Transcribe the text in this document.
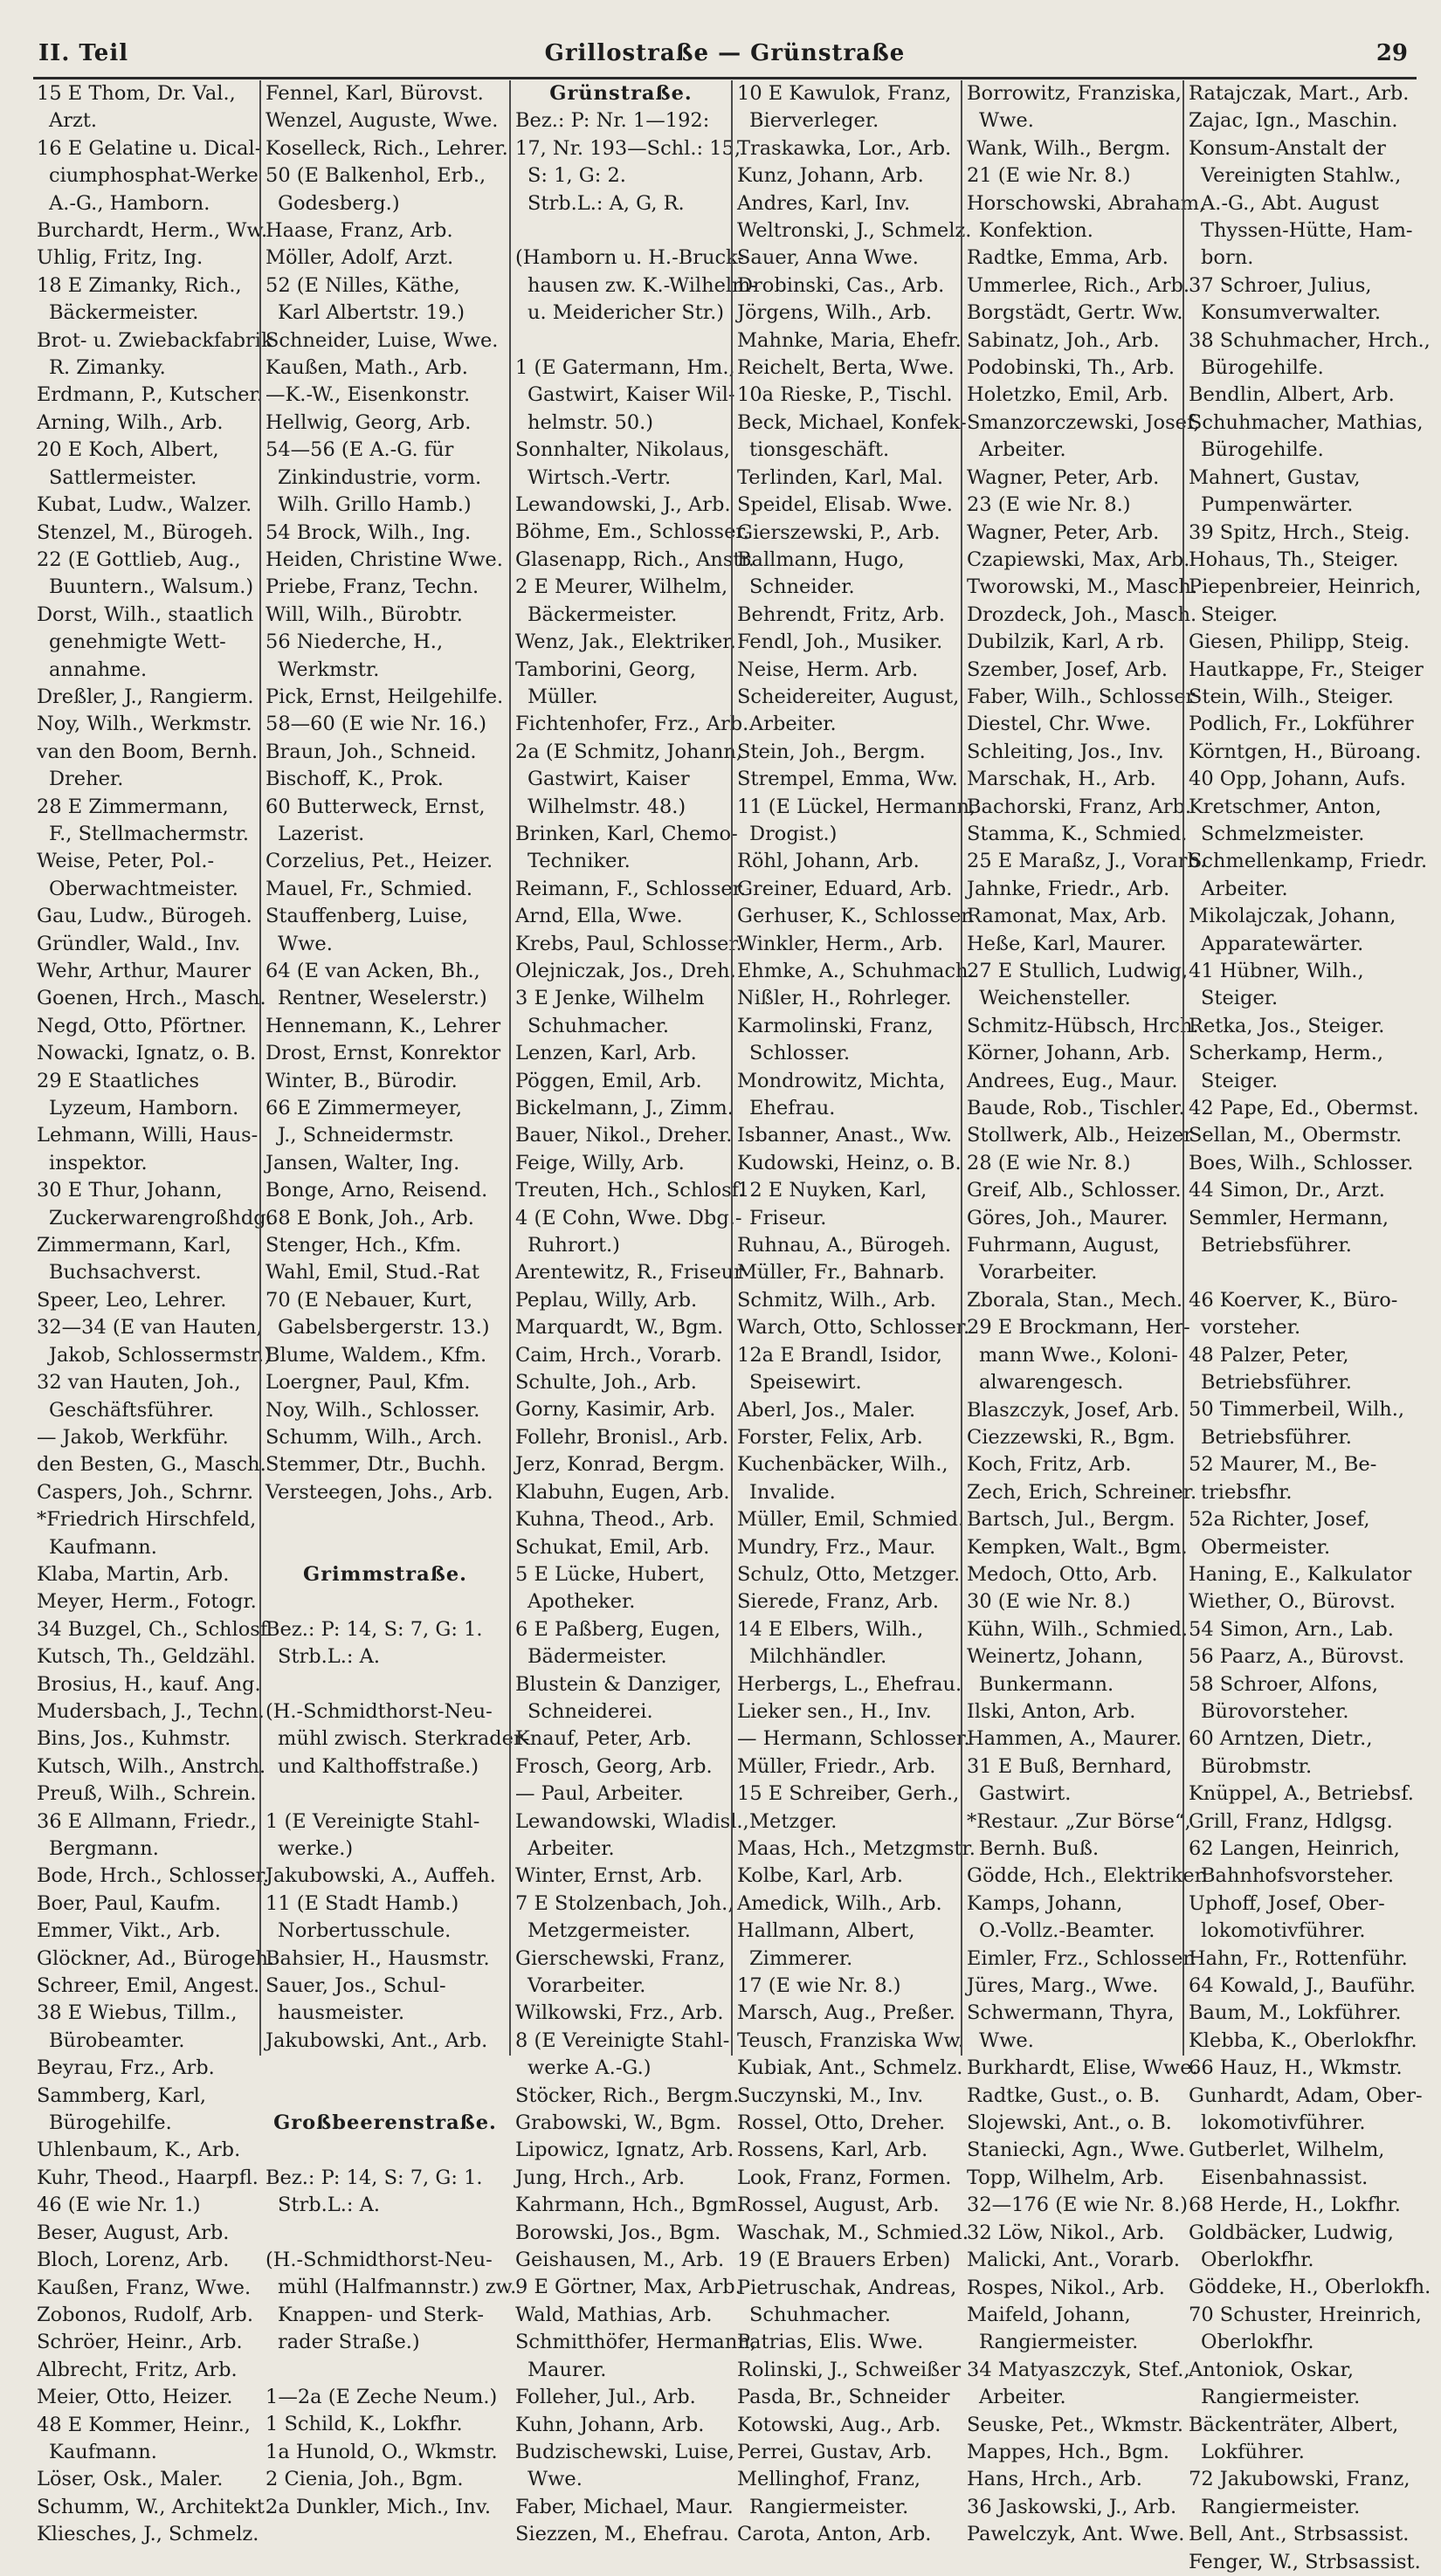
II. Teil	Grillostraße — Grünstraße	29
15 E Thom, Dr. Val.,
Arzt.
16 E Gelatine u. Dical-
ciumphosphat-Werke
A.-G., Hamborn.
Burchardt, Herm., Ww.
Uhlig, Fritz, Ing.
18 E Zimanky, Rich.,
Bäckermeister.
Brot- u. Zwiebackfabrik
R. Zimanky.
Erdmann, P., Kutscher.
Arning, Wilh., Arb.
20 E Koch, Albert,
Sattlermeister.
Kubat, Ludw., Walzer.
Stenzel, M., Bürogeh.
22 (E Gottlieb, Aug.,
Buuntern., Walsum.)
Dorst, Wilh., staatlich
genehmigte Wett-
annahme.
Dreßler, J., Rangierm.
Noy, Wilh., Werkmstr.
van den Boom, Bernh.
Dreher.
28 E Zimmermann,
F., Stellmachermstr.
Weise, Peter, Pol.-
Oberwachtmeister.
Gau, Ludw., Bürogeh.
Gründler, Wald., Inv.
Wehr, Arthur, Maurer
Goenen, Hrch., Masch.
Negd, Otto, Pförtner.
Nowacki, Ignatz, o. B.
29 E Staatliches
Lyzeum, Hamborn.
Lehmann, Willi, Haus-
inspektor.
30 E Thur, Johann,
Zuckerwarengroßhdg.
Zimmermann, Karl,
Buchsachverst.
Speer, Leo, Lehrer.
32—34 (E van Hauten,
Jakob, Schlossermstr.)
32 van Hauten, Joh.,
Geschäftsführer.
— Jakob, Werkführ.
den Besten, G., Masch.
Caspers, Joh., Schrnr.
*Friedrich Hirschfeld,
Kaufmann.
Klaba, Martin, Arb.
Meyer, Herm., Fotogr.
34 Buzgel, Ch., Schlosf.
Kutsch, Th., Geldzähl.
Brosius, H., kauf. Ang.
Mudersbach, J., Techn.
Bins, Jos., Kuhmstr.
Kutsch, Wilh., Anstrch.
Preuß, Wilh., Schrein.
36 E Allmann, Friedr.,
Bergmann.
Bode, Hrch., Schlosser.
Boer, Paul, Kaufm.
Emmer, Vikt., Arb.
Glöckner, Ad., Bürogeh.
Schreer, Emil, Angest.
38 E Wiebus, Tillm.,
Bürobeamter.
Beyrau, Frz., Arb.
Sammberg, Karl,
Bürogehilfe.
Uhlenbaum, K., Arb.
Kuhr, Theod., Haarpfl.
46 (E wie Nr. 1.)
Beser, August, Arb.
Bloch, Lorenz, Arb.
Kaußen, Franz, Wwe.
Zobonos, Rudolf, Arb.
Schröer, Heinr., Arb.
Albrecht, Fritz, Arb.
Meier, Otto, Heizer.
48 E Kommer, Heinr.,
Kaufmann.
Löser, Osk., Maler.
Schumm, W., Architekt.
Kliesches, J., Schmelz.
Fennel, Karl, Bürovst.
Wenzel, Auguste, Wwe.
Koselleck, Rich., Lehrer.
50 (E Balkenhol, Erb.,
Godesberg.)
Haase, Franz, Arb.
Möller, Adolf, Arzt.
52 (E Nilles, Käthe,
Karl Albertstr. 19.)
Schneider, Luise, Wwe.
Kaußen, Math., Arb.
—K.-W., Eisenkonstr.
Hellwig, Georg, Arb.
54—56 (E A.-G. für
Zinkindustrie, vorm.
Wilh. Grillo Hamb.)
54 Brock, Wilh., Ing.
Heiden, Christine Wwe.
Priebe, Franz, Techn.
Will, Wilh., Bürobtr.
56 Niederche, H.,
Werkmstr.
Pick, Ernst, Heilgehilfe.
58—60 (E wie Nr. 16.)
Braun, Joh., Schneid.
Bischoff, K., Prok.
60 Butterweck, Ernst,
Lazerist.
Corzelius, Pet., Heizer.
Mauel, Fr., Schmied.
Stauffenberg, Luise,
Wwe.
64 (E van Acken, Bh.,
Rentner, Weselerstr.)
Hennemann, K., Lehrer
Drost, Ernst, Konrektor
Winter, B., Bürodir.
66 E Zimmermeyer,
J., Schneidermstr.
Jansen, Walter, Ing.
Bonge, Arno, Reisend.
68 E Bonk, Joh., Arb.
Stenger, Hch., Kfm.
Wahl, Emil, Stud.-Rat
70 (E Nebauer, Kurt,
Gabelsbergerstr. 13.)
Blume, Waldem., Kfm.
Loergner, Paul, Kfm.
Noy, Wilh., Schlosser.
Schumm, Wilh., Arch.
Stemmer, Dtr., Buchh.
Versteegen, Johs., Arb.
Grimmstraße.
Bez.: P: 14, S: 7, G: 1.
Strb.L.: A.
(H.-Schmidthorst-Neu-
mühl zwisch. Sterkrader-
und Kalthoffstraße.)
1 (E Vereinigte Stahl-
werke.)
Jakubowski, A., Auffeh.
11 (E Stadt Hamb.)
Norbertusschule.
Bahsier, H., Hausmstr.
Sauer, Jos., Schul-
hausmeister.
Jakubowski, Ant., Arb.
Großbeerenstraße.
Bez.: P: 14, S: 7, G: 1.
Strb.L.: A.
(H.-Schmidthorst-Neu-
mühl (Halfmannstr.) zw.
Knappen- und Sterk-
rader Straße.)
1—2a (E Zeche Neum.)
1 Schild, K., Lokfhr.
1a Hunold, O., Wkmstr.
2 Cienia, Joh., Bgm.
2a Dunkler, Mich., Inv.
Grünstraße.
Bez.: P: Nr. 1—192:
17, Nr. 193—Schl.: 15,
S: 1, G: 2.
Strb.L.: A, G, R.
(Hamborn u. H.-Bruck-
hausen zw. K.-Wilhelm-
u. Meidericher Str.)
1 (E Gatermann, Hm.,
Gastwirt, Kaiser Wil-
helmstr. 50.)
Sonnhalter, Nikolaus,
Wirtsch.-Vertr.
Lewandowski, J., Arb.
Böhme, Em., Schlosser.
Glasenapp, Rich., Anstr.
2 E Meurer, Wilhelm,
Bäckermeister.
Wenz, Jak., Elektriker.
Tamborini, Georg,
Müller.
Fichtenhofer, Frz., Arb.
2a (E Schmitz, Johann,
Gastwirt, Kaiser
Wilhelmstr. 48.)
Brinken, Karl, Chemo-
Techniker.
Reimann, F., Schlosser.
Arnd, Ella, Wwe.
Krebs, Paul, Schlosser.
Olejniczak, Jos., Dreh.
3 E Jenke, Wilhelm
Schuhmacher.
Lenzen, Karl, Arb.
Pöggen, Emil, Arb.
Bickelmann, J., Zimm.
Bauer, Nikol., Dreher.
Feige, Willy, Arb.
Treuten, Hch., Schlosf.
4 (E Cohn, Wwe. Dbg.-
Ruhrort.)
Arentewitz, R., Friseur
Peplau, Willy, Arb.
Marquardt, W., Bgm.
Caim, Hrch., Vorarb.
Schulte, Joh., Arb.
Gorny, Kasimir, Arb.
Follehr, Bronisl., Arb.
Jerz, Konrad, Bergm.
Klabuhn, Eugen, Arb.
Kuhna, Theod., Arb.
Schukat, Emil, Arb.
5 E Lücke, Hubert,
Apotheker.
6 E Paßberg, Eugen,
Bädermeister.
Blustein & Danziger,
Schneiderei.
Knauf, Peter, Arb.
Frosch, Georg, Arb.
— Paul, Arbeiter.
Lewandowski, Wladisl.,
Arbeiter.
Winter, Ernst, Arb.
7 E Stolzenbach, Joh.,
Metzgermeister.
Gierschewski, Franz,
Vorarbeiter.
Wilkowski, Frz., Arb.
8 (E Vereinigte Stahl-
werke A.-G.)
Stöcker, Rich., Bergm.
Grabowski, W., Bgm.
Lipowicz, Ignatz, Arb.
Jung, Hrch., Arb.
Kahrmann, Hch., Bgm.
Borowski, Jos., Bgm.
Geishausen, M., Arb.
9 E Görtner, Max, Arb.
Wald, Mathias, Arb.
Schmitthöfer, Hermann,
Maurer.
Folleher, Jul., Arb.
Kuhn, Johann, Arb.
Budzischewski, Luise,
Wwe.
Faber, Michael, Maur.
Siezzen, M., Ehefrau.
10 E Kawulok, Franz,
Bierverleger.
Traskawka, Lor., Arb.
Kunz, Johann, Arb.
Andres, Karl, Inv.
Weltronski, J., Schmelz.
Sauer, Anna Wwe.
Drobinski, Cas., Arb.
Jörgens, Wilh., Arb.
Mahnke, Maria, Ehefr.
Reichelt, Berta, Wwe.
10a Rieske, P., Tischl.
Beck, Michael, Konfek-
tionsgeschäft.
Terlinden, Karl, Mal.
Speidel, Elisab. Wwe.
Gierszewski, P., Arb.
Ballmann, Hugo,
Schneider.
Behrendt, Fritz, Arb.
Fendl, Joh., Musiker.
Neise, Herm. Arb.
Scheidereiter, August,
Arbeiter.
Stein, Joh., Bergm.
Strempel, Emma, Ww.
11 (E Lückel, Hermann,
Drogist.)
Röhl, Johann, Arb.
Greiner, Eduard, Arb.
Gerhuser, K., Schlosser.
Winkler, Herm., Arb.
Ehmke, A., Schuhmach.
Nißler, H., Rohrleger.
Karmolinski, Franz,
Schlosser.
Mondrowitz, Michta,
Ehefrau.
Isbanner, Anast., Ww.
Kudowski, Heinz, o. B.
12 E Nuyken, Karl,
Friseur.
Ruhnau, A., Bürogeh.
Müller, Fr., Bahnarb.
Schmitz, Wilh., Arb.
Warch, Otto, Schlosser.
12a E Brandl, Isidor,
Speisewirt.
Aberl, Jos., Maler.
Forster, Felix, Arb.
Kuchenbäcker, Wilh.,
Invalide.
Müller, Emil, Schmied.
Mundry, Frz., Maur.
Schulz, Otto, Metzger.
Sierede, Franz, Arb.
14 E Elbers, Wilh.,
Milchhändler.
Herbergs, L., Ehefrau.
Lieker sen., H., Inv.
— Hermann, Schlosser.
Müller, Friedr., Arb.
15 E Schreiber, Gerh.,
Metzger.
Maas, Hch., Metzgmstr.
Kolbe, Karl, Arb.
Amedick, Wilh., Arb.
Hallmann, Albert,
Zimmerer.
17 (E wie Nr. 8.)
Marsch, Aug., Preßer.
Teusch, Franziska Ww.
Kubiak, Ant., Schmelz.
Suczynski, M., Inv.
Rossel, Otto, Dreher.
Rossens, Karl, Arb.
Look, Franz, Formen.
Rossel, August, Arb.
Waschak, M., Schmied.
19 (E Brauers Erben)
Pietruschak, Andreas,
Schuhmacher.
Patrias, Elis. Wwe.
Rolinski, J., Schweißer
Pasda, Br., Schneider
Kotowski, Aug., Arb.
Perrei, Gustav, Arb.
Mellinghof, Franz,
Rangiermeister.
Carota, Anton, Arb.
Borrowitz, Franziska,
Wwe.
Wank, Wilh., Bergm.
21 (E wie Nr. 8.)
Horschowski, Abraham,
Konfektion.
Radtke, Emma, Arb.
Ummerlee, Rich., Arb.
Borgstädt, Gertr. Ww.
Sabinatz, Joh., Arb.
Podobinski, Th., Arb.
Holetzko, Emil, Arb.
Smanzorczewski, Josef,
Arbeiter.
Wagner, Peter, Arb.
23 (E wie Nr. 8.)
Wagner, Peter, Arb.
Czapiewski, Max, Arb.
Tworowski, M., Masch.
Drozdeck, Joh., Masch.
Dubilzik, Karl, A rb.
Szember, Josef, Arb.
Faber, Wilh., Schlosser
Diestel, Chr. Wwe.
Schleiting, Jos., Inv.
Marschak, H., Arb.
Bachorski, Franz, Arb.
Stamma, K., Schmied.
25 E Maraßz, J., Vorarb.
Jahnke, Friedr., Arb.
Ramonat, Max, Arb.
Heße, Karl, Maurer.
27 E Stullich, Ludwig,
Weichensteller.
Schmitz-Hübsch, Hrch.
Körner, Johann, Arb.
Andrees, Eug., Maur.
Baude, Rob., Tischler.
Stollwerk, Alb., Heizer
28 (E wie Nr. 8.)
Greif, Alb., Schlosser.
Göres, Joh., Maurer.
Fuhrmann, August,
Vorarbeiter.
Zborala, Stan., Mech.
29 E Brockmann, Her-
mann Wwe., Koloni-
alwarengesch.
Blaszczyk, Josef, Arb.
Ciezzewski, R., Bgm.
Koch, Fritz, Arb.
Zech, Erich, Schreiner.
Bartsch, Jul., Bergm.
Kempken, Walt., Bgm.
Medoch, Otto, Arb.
30 (E wie Nr. 8.)
Kühn, Wilh., Schmied.
Weinertz, Johann,
Bunkermann.
Ilski, Anton, Arb.
Hammen, A., Maurer.
31 E Buß, Bernhard,
Gastwirt.
*Restaur. „Zur Börse“,
Bernh. Buß.
Gödde, Hch., Elektriker.
Kamps, Johann,
O.-Vollz.-Beamter.
Eimler, Frz., Schlosser.
Jüres, Marg., Wwe.
Schwermann, Thyra,
Wwe.
Burkhardt, Elise, Wwe.
Radtke, Gust., o. B.
Slojewski, Ant., o. B.
Staniecki, Agn., Wwe.
Topp, Wilhelm, Arb.
32—176 (E wie Nr. 8.)
32 Löw, Nikol., Arb.
Malicki, Ant., Vorarb.
Rospes, Nikol., Arb.
Maifeld, Johann,
Rangiermeister.
34 Matyaszczyk, Stef.,
Arbeiter.
Seuske, Pet., Wkmstr.
Mappes, Hch., Bgm.
Hans, Hrch., Arb.
36 Jaskowski, J., Arb.
Pawelczyk, Ant. Wwe.
Ratajczak, Mart., Arb.
Zajac, Ign., Maschin.
Konsum-Anstalt der
Vereinigten Stahlw.,
A.-G., Abt. August
Thyssen-Hütte, Ham-
born.
37 Schroer, Julius,
Konsumverwalter.
38 Schuhmacher, Hrch.,
Bürogehilfe.
Bendlin, Albert, Arb.
Schuhmacher, Mathias,
Bürogehilfe.
Mahnert, Gustav,
Pumpenwärter.
39 Spitz, Hrch., Steig.
Hohaus, Th., Steiger.
Piepenbreier, Heinrich,
Steiger.
Giesen, Philipp, Steig.
Hautkappe, Fr., Steiger
Stein, Wilh., Steiger.
Podlich, Fr., Lokführer
Körntgen, H., Büroang.
40 Opp, Johann, Aufs.
Kretschmer, Anton,
Schmelzmeister.
Schmellenkamp, Friedr.
Arbeiter.
Mikolajczak, Johann,
Apparatewärter.
41 Hübner, Wilh.,
Steiger.
Retka, Jos., Steiger.
Scherkamp, Herm.,
Steiger.
42 Pape, Ed., Obermst.
Sellan, M., Obermstr.
Boes, Wilh., Schlosser.
44 Simon, Dr., Arzt.
Semmler, Hermann,
Betriebsführer.
46 Koerver, K., Büro-
vorsteher.
48 Palzer, Peter,
Betriebsführer.
50 Timmerbeil, Wilh.,
Betriebsführer.
52 Maurer, M., Be-
triebsfhr.
52a Richter, Josef,
Obermeister.
Haning, E., Kalkulator
Wiether, O., Bürovst.
54 Simon, Arn., Lab.
56 Paarz, A., Bürovst.
58 Schroer, Alfons,
Bürovorsteher.
60 Arntzen, Dietr.,
Bürobmstr.
Knüppel, A., Betriebsf.
Grill, Franz, Hdlgsg.
62 Langen, Heinrich,
Bahnhofsvorsteher.
Uphoff, Josef, Ober-
lokomotivführer.
Hahn, Fr., Rottenführ.
64 Kowald, J., Bauführ.
Baum, M., Lokführer.
Klebba, K., Oberlokfhr.
66 Hauz, H., Wkmstr.
Gunhardt, Adam, Ober-
lokomotivführer.
Gutberlet, Wilhelm,
Eisenbahnassist.
68 Herde, H., Lokfhr.
Goldbäcker, Ludwig,
Oberlokfhr.
Göddeke, H., Oberlokfh.
70 Schuster, Hreinrich,
Oberlokfhr.
Antoniok, Oskar,
Rangiermeister.
Bäckenträter, Albert,
Lokführer.
72 Jakubowski, Franz,
Rangiermeister.
Bell, Ant., Strbsassist.
Fenger, W., Strbsassist.
